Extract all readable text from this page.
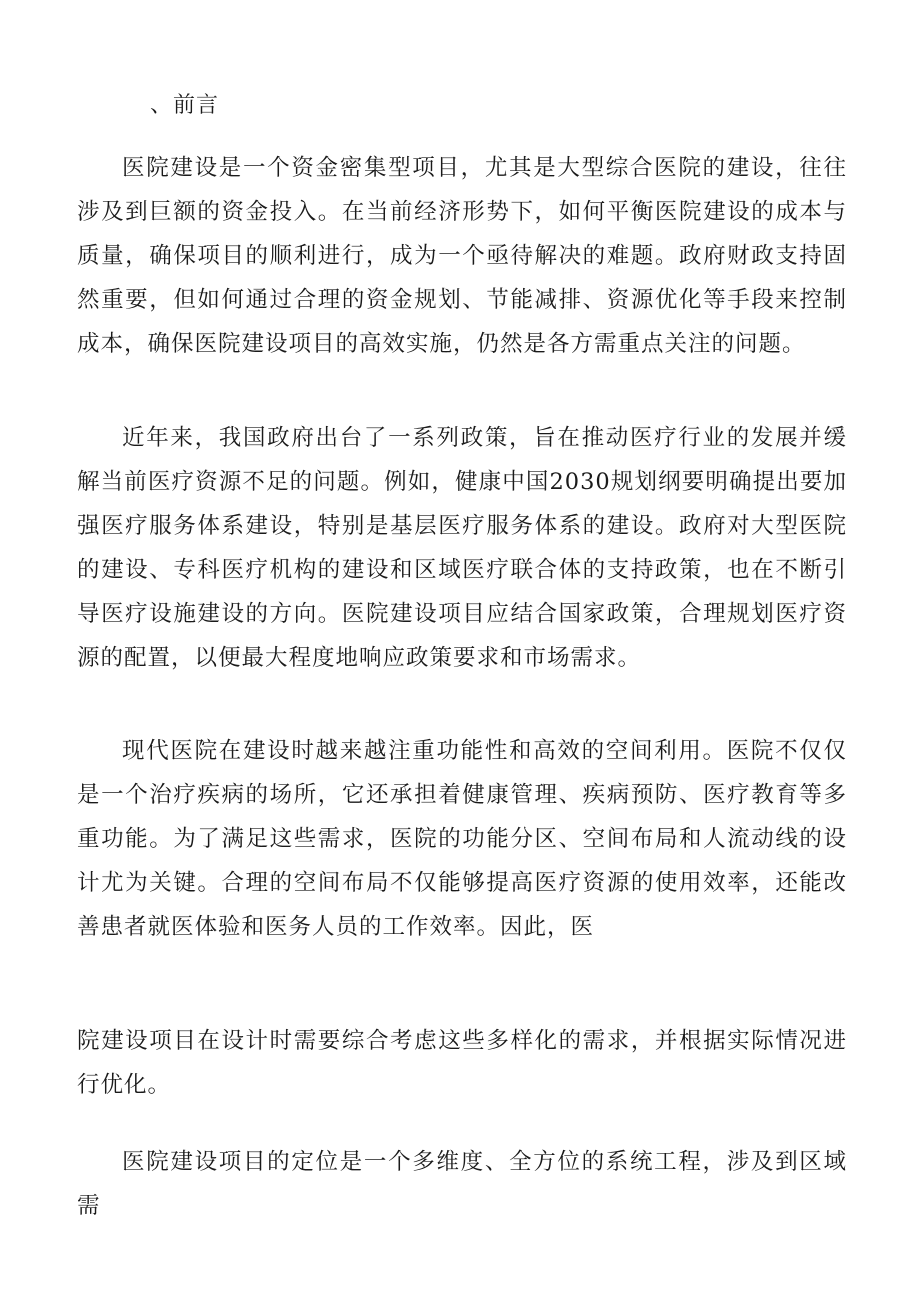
、前言

医院建设是一个资金密集型项目，尤其是大型综合医院的建设，往往涉及到巨额的资金投入。在当前经济形势下，如何平衡医院建设的成本与质量，确保项目的顺利进行，成为一个亟待解决的难题。政府财政支持固然重要，但如何通过合理的资金规划、节能减排、资源优化等手段来控制成本，确保医院建设项目的高效实施，仍然是各方需重点关注的问题。

近年来，我国政府出台了一系列政策，旨在推动医疗行业的发展并缓解当前医疗资源不足的问题。例如，健康中国2030规划纲要明确提出要加强医疗服务体系建设，特别是基层医疗服务体系的建设。政府对大型医院的建设、专科医疗机构的建设和区域医疗联合体的支持政策，也在不断引导医疗设施建设的方向。医院建设项目应结合国家政策，合理规划医疗资源的配置，以便最大程度地响应政策要求和市场需求。

现代医院在建设时越来越注重功能性和高效的空间利用。医院不仅仅是一个治疗疾病的场所，它还承担着健康管理、疾病预防、医疗教育等多重功能。为了满足这些需求，医院的功能分区、空间布局和人流动线的设计尤为关键。合理的空间布局不仅能够提高医疗资源的使用效率，还能改善患者就医体验和医务人员的工作效率。因此，医

院建设项目在设计时需要综合考虑这些多样化的需求，并根据实际情况进行优化。

医院建设项目的定位是一个多维度、全方位的系统工程，涉及到区域需
